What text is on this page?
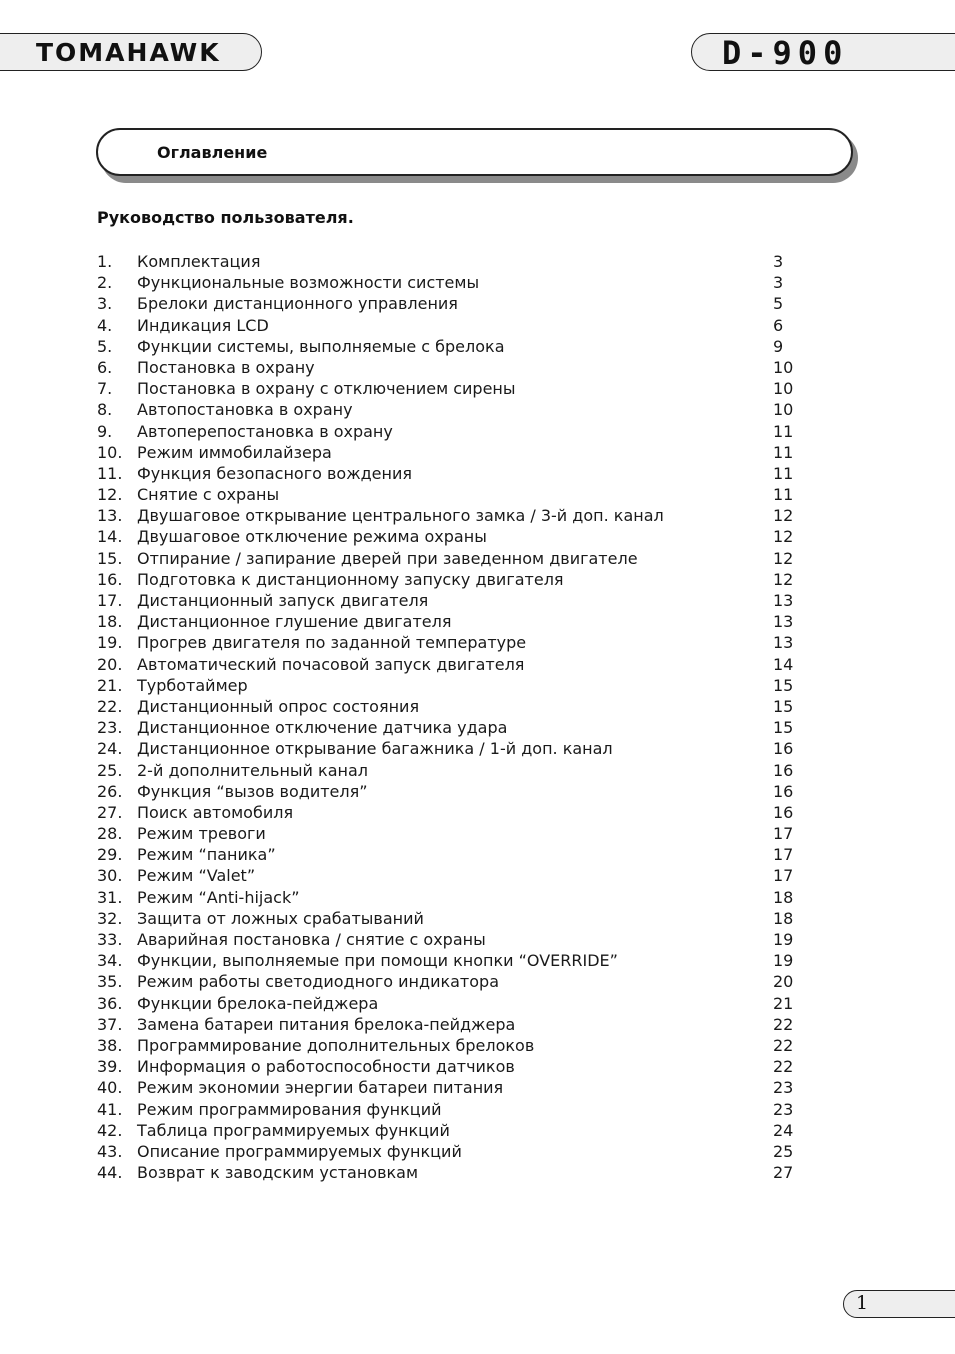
TOMAHAWK	D-900
Оглавление
Руководство пользователя.
1. Комплектация	3
2. Функциональные возможности системы	3
3. Брелоки дистанционного управления	5
4. Индикация LCD	6
5. Функции системы, выполняемые с брелока	9
6. Постановка в охрану	10
7. Постановка в охрану с отключением сирены	10
8. Автопостановка в охрану	10
9. Автоперепостановка в охрану	11
10. Режим иммобилайзера	11
11. Функция безопасного вождения	11
12. Снятие с охраны	11
13. Двушаговое открывание центрального замка / 3-й доп. канал	12
14. Двушаговое отключение режима охраны	12
15. Отпирание / запирание дверей при заведенном двигателе	12
16. Подготовка к дистанционному запуску двигателя	12
17. Дистанционный запуск двигателя	13
18. Дистанционное глушение двигателя	13
19. Прогрев двигателя по заданной температуре	13
20. Автоматический почасовой запуск двигателя	14
21. Турботаймер	15
22. Дистанционный опрос состояния	15
23. Дистанционное отключение датчика удара	15
24. Дистанционное открывание багажника / 1-й доп. канал	16
25. 2-й дополнительный канал	16
26. Функция “вызов водителя”	16
27. Поиск автомобиля	16
28. Режим тревоги	17
29. Режим “паника”	17
30. Режим “Valet”	17
31. Режим “Anti-hijack”	18
32. Защита от ложных срабатываний	18
33. Аварийная постановка / снятие с охраны	19
34. Функции, выполняемые при помощи кнопки “OVERRIDE”	19
35. Режим работы светодиодного индикатора	20
36. Функции брелока-пейджера	21
37. Замена батареи питания брелока-пейджера	22
38. Программирование дополнительных брелоков	22
39. Информация о работоспособности датчиков	22
40. Режим экономии энергии батареи питания	23
41. Режим программирования функций	23
42. Таблица программируемых функций	24
43. Описание программируемых функций	25
44. Возврат к заводским установкам	27
1
